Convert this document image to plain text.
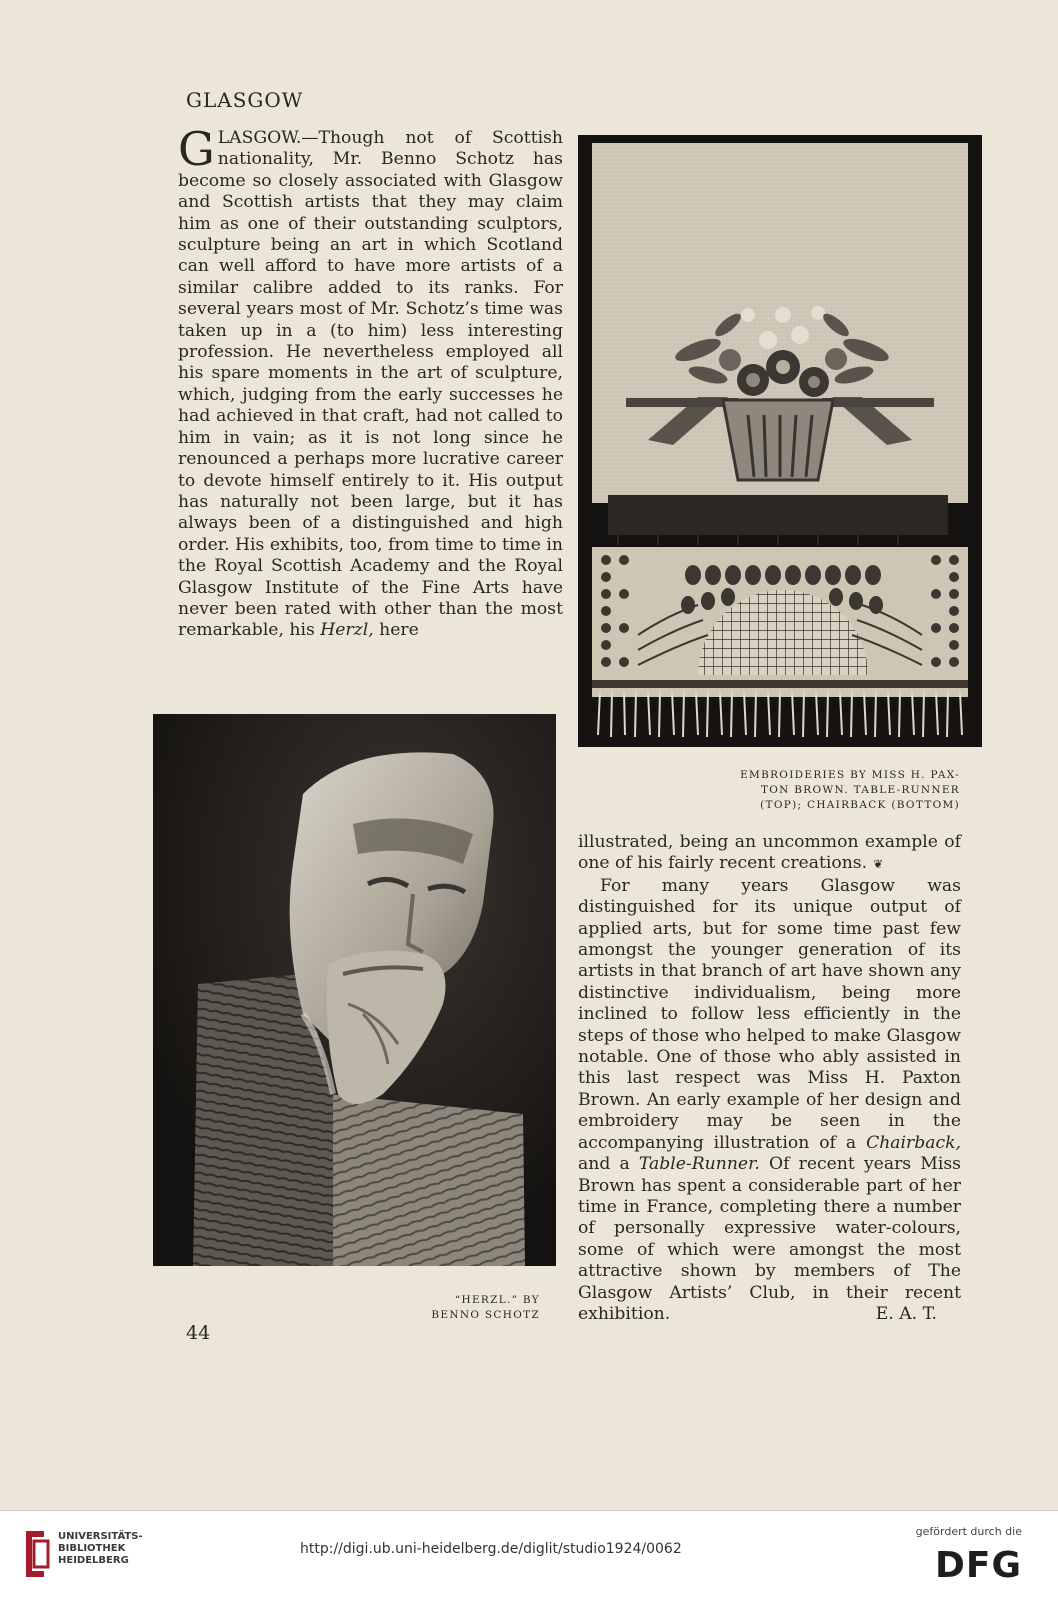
GLASGOW

GLASGOW.—Though not of Scottish nationality, Mr. Benno Schotz has become so closely associated with Glasgow and Scottish artists that they may claim him as one of their outstanding sculptors, sculpture being an art in which Scotland can well afford to have more artists of a similar calibre added to its ranks. For several years most of Mr. Schotz’s time was taken up in a (to him) less interesting profession. He nevertheless employed all his spare moments in the art of sculpture, which, judging from the early successes he had achieved in that craft, had not called to him in vain; as it is not long since he renounced a perhaps more lucrative career to devote himself entirely to it. His output has naturally not been large, but it has always been of a distinguished and high order. His exhibits, too, from time to time in the Royal Scottish Academy and the Royal Glasgow Institute of the Fine Arts have never been rated with other than the most remarkable, his Herzl, here

EMBROIDERIES BY MISS H. PAX-
TON BROWN. TABLE-RUNNER
(TOP); CHAIRBACK (BOTTOM)
“HERZL.” BY
BENNO SCHOTZ

illustrated, being an uncommon example of one of his fairly recent creations. ❦

For many years Glasgow was distinguished for its unique output of applied arts, but for some time past few amongst the younger generation of its artists in that branch of art have shown any distinctive individualism, being more inclined to follow less efficiently in the steps of those who helped to make Glasgow notable. One of those who ably assisted in this last respect was Miss H. Paxton Brown. An early example of her design and embroidery may be seen in the accompanying illustration of a Chairback, and a Table-Runner. Of recent years Miss Brown has spent a considerable part of her time in France, completing there a number of personally expressive water-colours, some of which were amongst the most attractive shown by members of The Glasgow Artists’ Club, in their recent exhibition.	E. A. T.

44
UNIVERSITÄTS-
BIBLIOTHEK
HEIDELBERG
http://digi.ub.uni-heidelberg.de/diglit/studio1924/0062
gefördert durch die
DFG
